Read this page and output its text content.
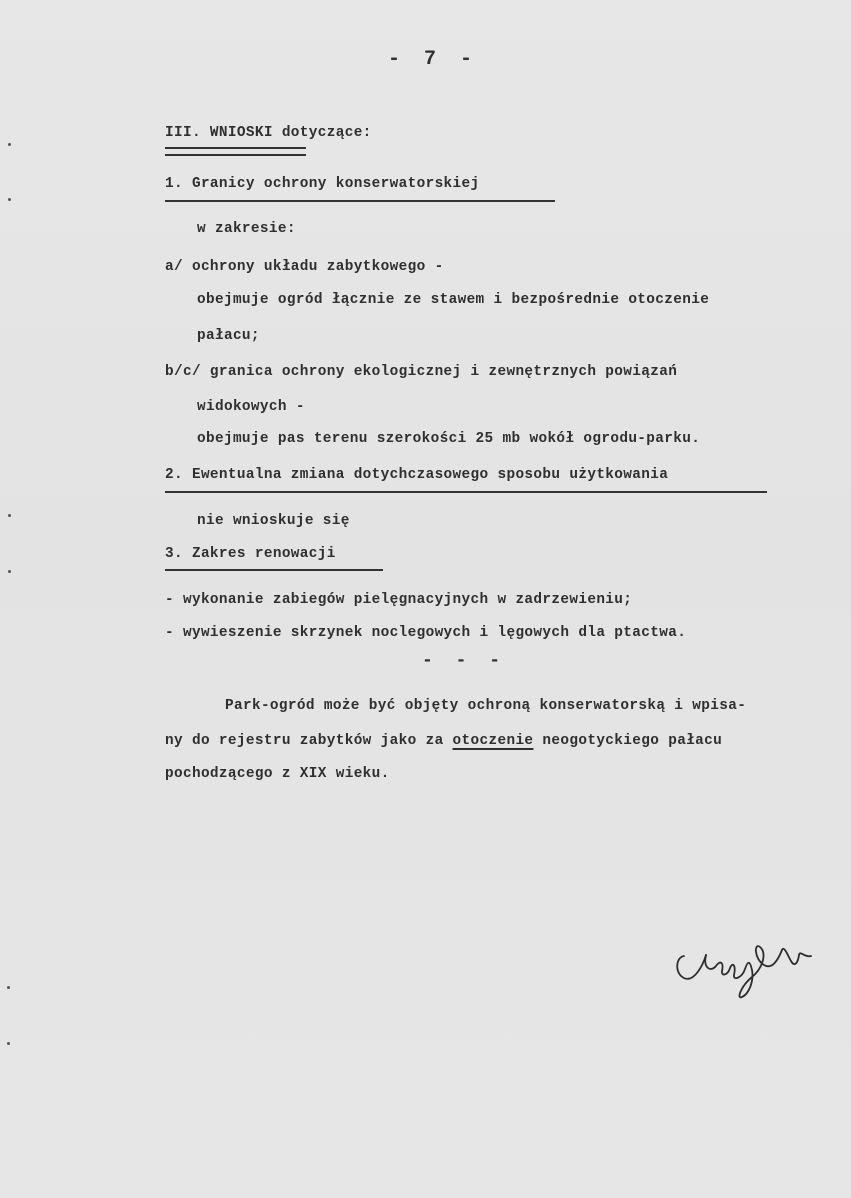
- 7 -
III. WNIOSKI dotyczące:
1. Granicy ochrony konserwatorskiej
w zakresie:
a/ ochrony układu zabytkowego -
obejmuje ogród łącznie ze stawem i bezpośrednie otoczenie
pałacu;
b/c/ granica ochrony ekologicznej i zewnętrznych powiązań
widokowych -
obejmuje pas terenu szerokości 25 mb wokół ogrodu-parku.
2. Ewentualna zmiana dotychczasowego sposobu użytkowania
nie wnioskuje się
3. Zakres renowacji
- wykonanie zabiegów pielęgnacyjnych w zadrzewieniu;
- wywieszenie skrzynek noclegowych i lęgowych dla ptactwa.
- - -
Park-ogród może być objęty ochroną konserwatorską i wpisa-
ny do rejestru zabytków jako za otoczenie neogotyckiego pałacu
pochodzącego z XIX wieku.
